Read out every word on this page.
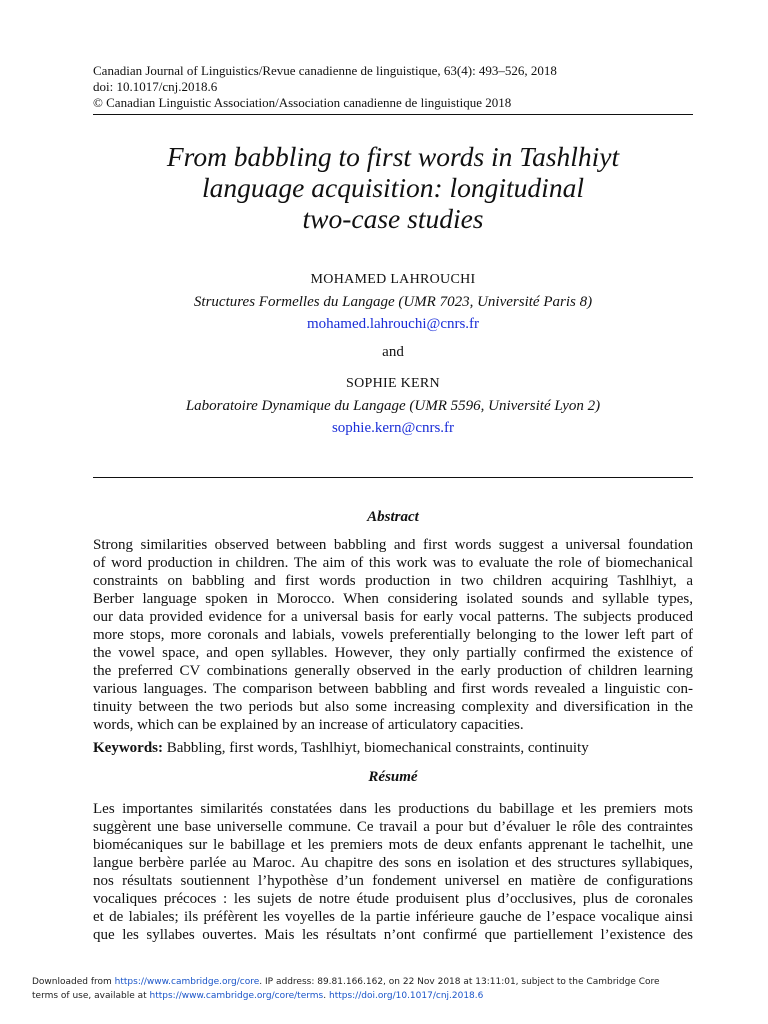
Canadian Journal of Linguistics/Revue canadienne de linguistique, 63(4): 493–526, 2018
doi: 10.1017/cnj.2018.6
© Canadian Linguistic Association/Association canadienne de linguistique 2018
From babbling to first words in Tashlhiyt
language acquisition: longitudinal
two-case studies
MOHAMED LAHROUCHI
Structures Formelles du Langage (UMR 7023, Université Paris 8)
mohamed.lahrouchi@cnrs.fr
and
SOPHIE KERN
Laboratoire Dynamique du Langage (UMR 5596, Université Lyon 2)
sophie.kern@cnrs.fr
Abstract
Strong similarities observed between babbling and first words suggest a universal foundation
of word production in children. The aim of this work was to evaluate the role of biomechanical
constraints on babbling and first words production in two children acquiring Tashlhiyt, a
Berber language spoken in Morocco. When considering isolated sounds and syllable types,
our data provided evidence for a universal basis for early vocal patterns. The subjects produced
more stops, more coronals and labials, vowels preferentially belonging to the lower left part of
the vowel space, and open syllables. However, they only partially confirmed the existence of
the preferred CV combinations generally observed in the early production of children learning
various languages. The comparison between babbling and first words revealed a linguistic con-
tinuity between the two periods but also some increasing complexity and diversification in the
words, which can be explained by an increase of articulatory capacities.
Keywords: Babbling, first words, Tashlhiyt, biomechanical constraints, continuity
Résumé
Les importantes similarités constatées dans les productions du babillage et les premiers mots
suggèrent une base universelle commune. Ce travail a pour but d’évaluer le rôle des contraintes
biomécaniques sur le babillage et les premiers mots de deux enfants apprenant le tachelhit, une
langue berbère parlée au Maroc. Au chapitre des sons en isolation et des structures syllabiques,
nos résultats soutiennent l’hypothèse d’un fondement universel en matière de configurations
vocaliques précoces : les sujets de notre étude produisent plus d’occlusives, plus de coronales
et de labiales; ils préfèrent les voyelles de la partie inférieure gauche de l’espace vocalique ainsi
que les syllabes ouvertes. Mais les résultats n’ont confirmé que partiellement l’existence des
Downloaded from https://www.cambridge.org/core. IP address: 89.81.166.162, on 22 Nov 2018 at 13:11:01, subject to the Cambridge Core
terms of use, available at https://www.cambridge.org/core/terms. https://doi.org/10.1017/cnj.2018.6
